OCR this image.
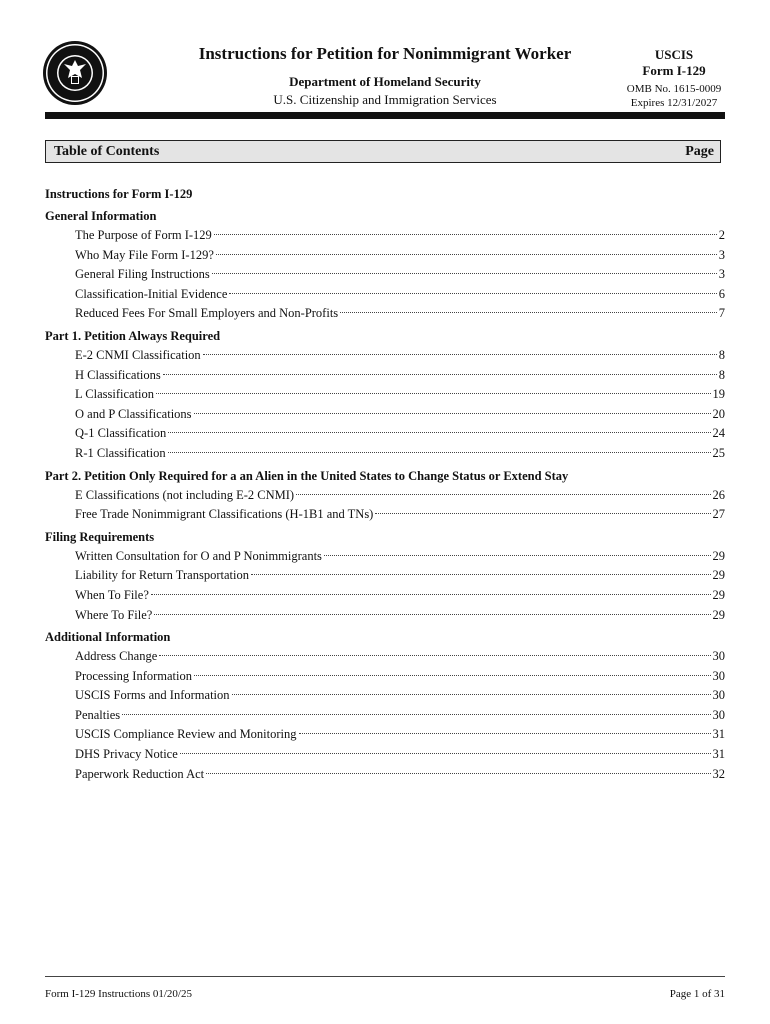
Instructions for Petition for Nonimmigrant Worker
Department of Homeland Security
U.S. Citizenship and Immigration Services
USCIS
Form I-129
OMB No. 1615-0009
Expires 12/31/2027
Table of Contents	Page
Instructions for Form I-129
General Information
The Purpose of Form I-129	2
Who May File Form I-129?	3
General Filing Instructions	3
Classification-Initial Evidence	6
Reduced Fees For Small Employers and Non-Profits	7
Part 1. Petition Always Required
E-2 CNMI Classification	8
H Classifications	8
L Classification	19
O and P Classifications	20
Q-1 Classification	24
R-1 Classification	25
Part 2. Petition Only Required for a an Alien in the United States to Change Status or Extend Stay
E Classifications (not including E-2 CNMI)	26
Free Trade Nonimmigrant Classifications (H-1B1 and TNs)	27
Filing Requirements
Written Consultation for O and P Nonimmigrants	29
Liability for Return Transportation	29
When To File?	29
Where To File?	29
Additional Information
Address Change	30
Processing Information	30
USCIS Forms and Information	30
Penalties	30
USCIS Compliance Review and Monitoring	31
DHS Privacy Notice	31
Paperwork Reduction Act	32
Form I-129 Instructions 01/20/25	Page 1 of 31
